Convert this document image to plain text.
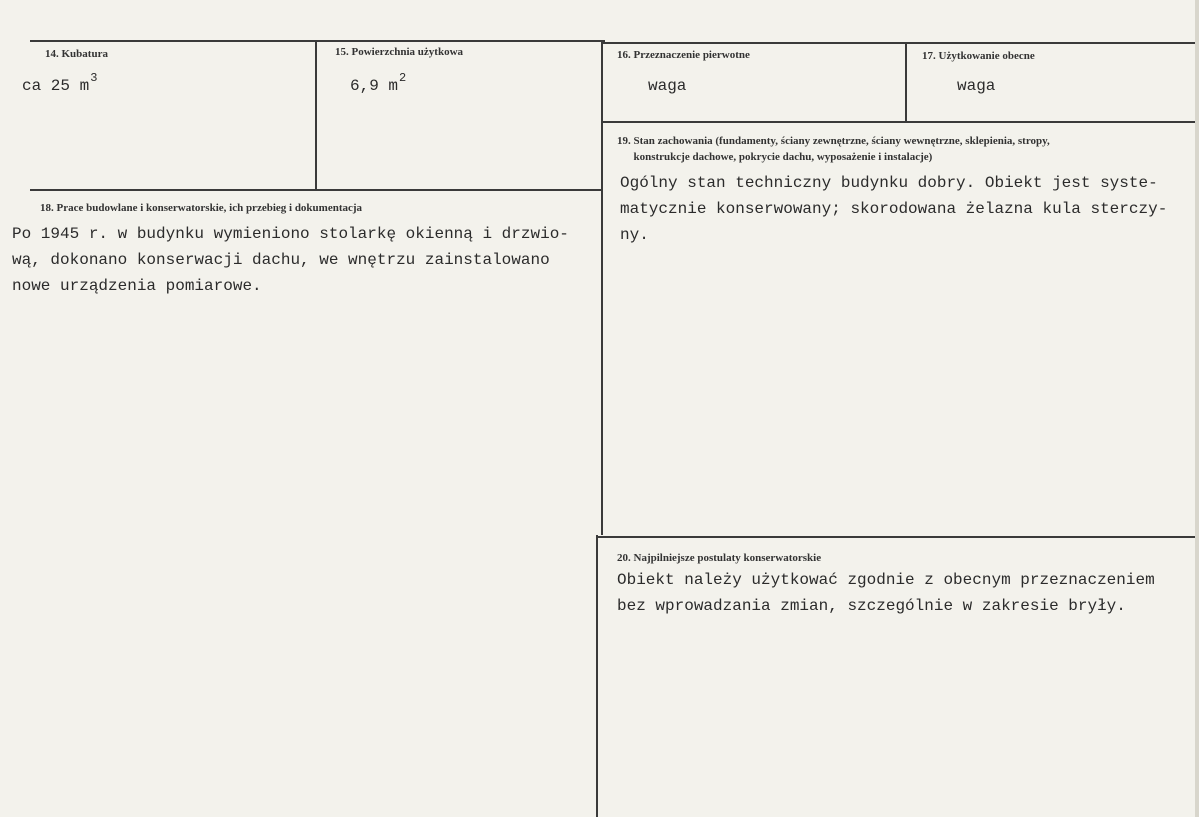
14. Kubatura
ca 25 $m^3$
15. Powierzchnia użytkowa
6,9 $m^2$
16. Przeznaczenie pierwotne
waga
17. Użytkowanie obecne
waga
19. Stan zachowania (fundamenty, ściany zewnętrzne, ściany wewnętrzne, sklepienia, stropy,
konstrukcje dachowe, pokrycie dachu, wyposażenie i instalacje)
Ogólny stan techniczny budynku dobry. Obiekt jest syste-
matycznie konserwowany; skorodowana żelazna kula sterczy-
ny.
18. Prace budowlane i konserwatorskie, ich przebieg i dokumentacja
Po 1945 r. w budynku wymieniono stolarkę okienną i drzwio-
wą, dokonano konserwacji dachu, we wnętrzu zainstalowano
nowe urządzenia pomiarowe.
20. Najpilniejsze postulaty konserwatorskie
Obiekt należy użytkować zgodnie z obecnym przeznaczeniem
bez wprowadzania zmian, szczególnie w zakresie bryły.
